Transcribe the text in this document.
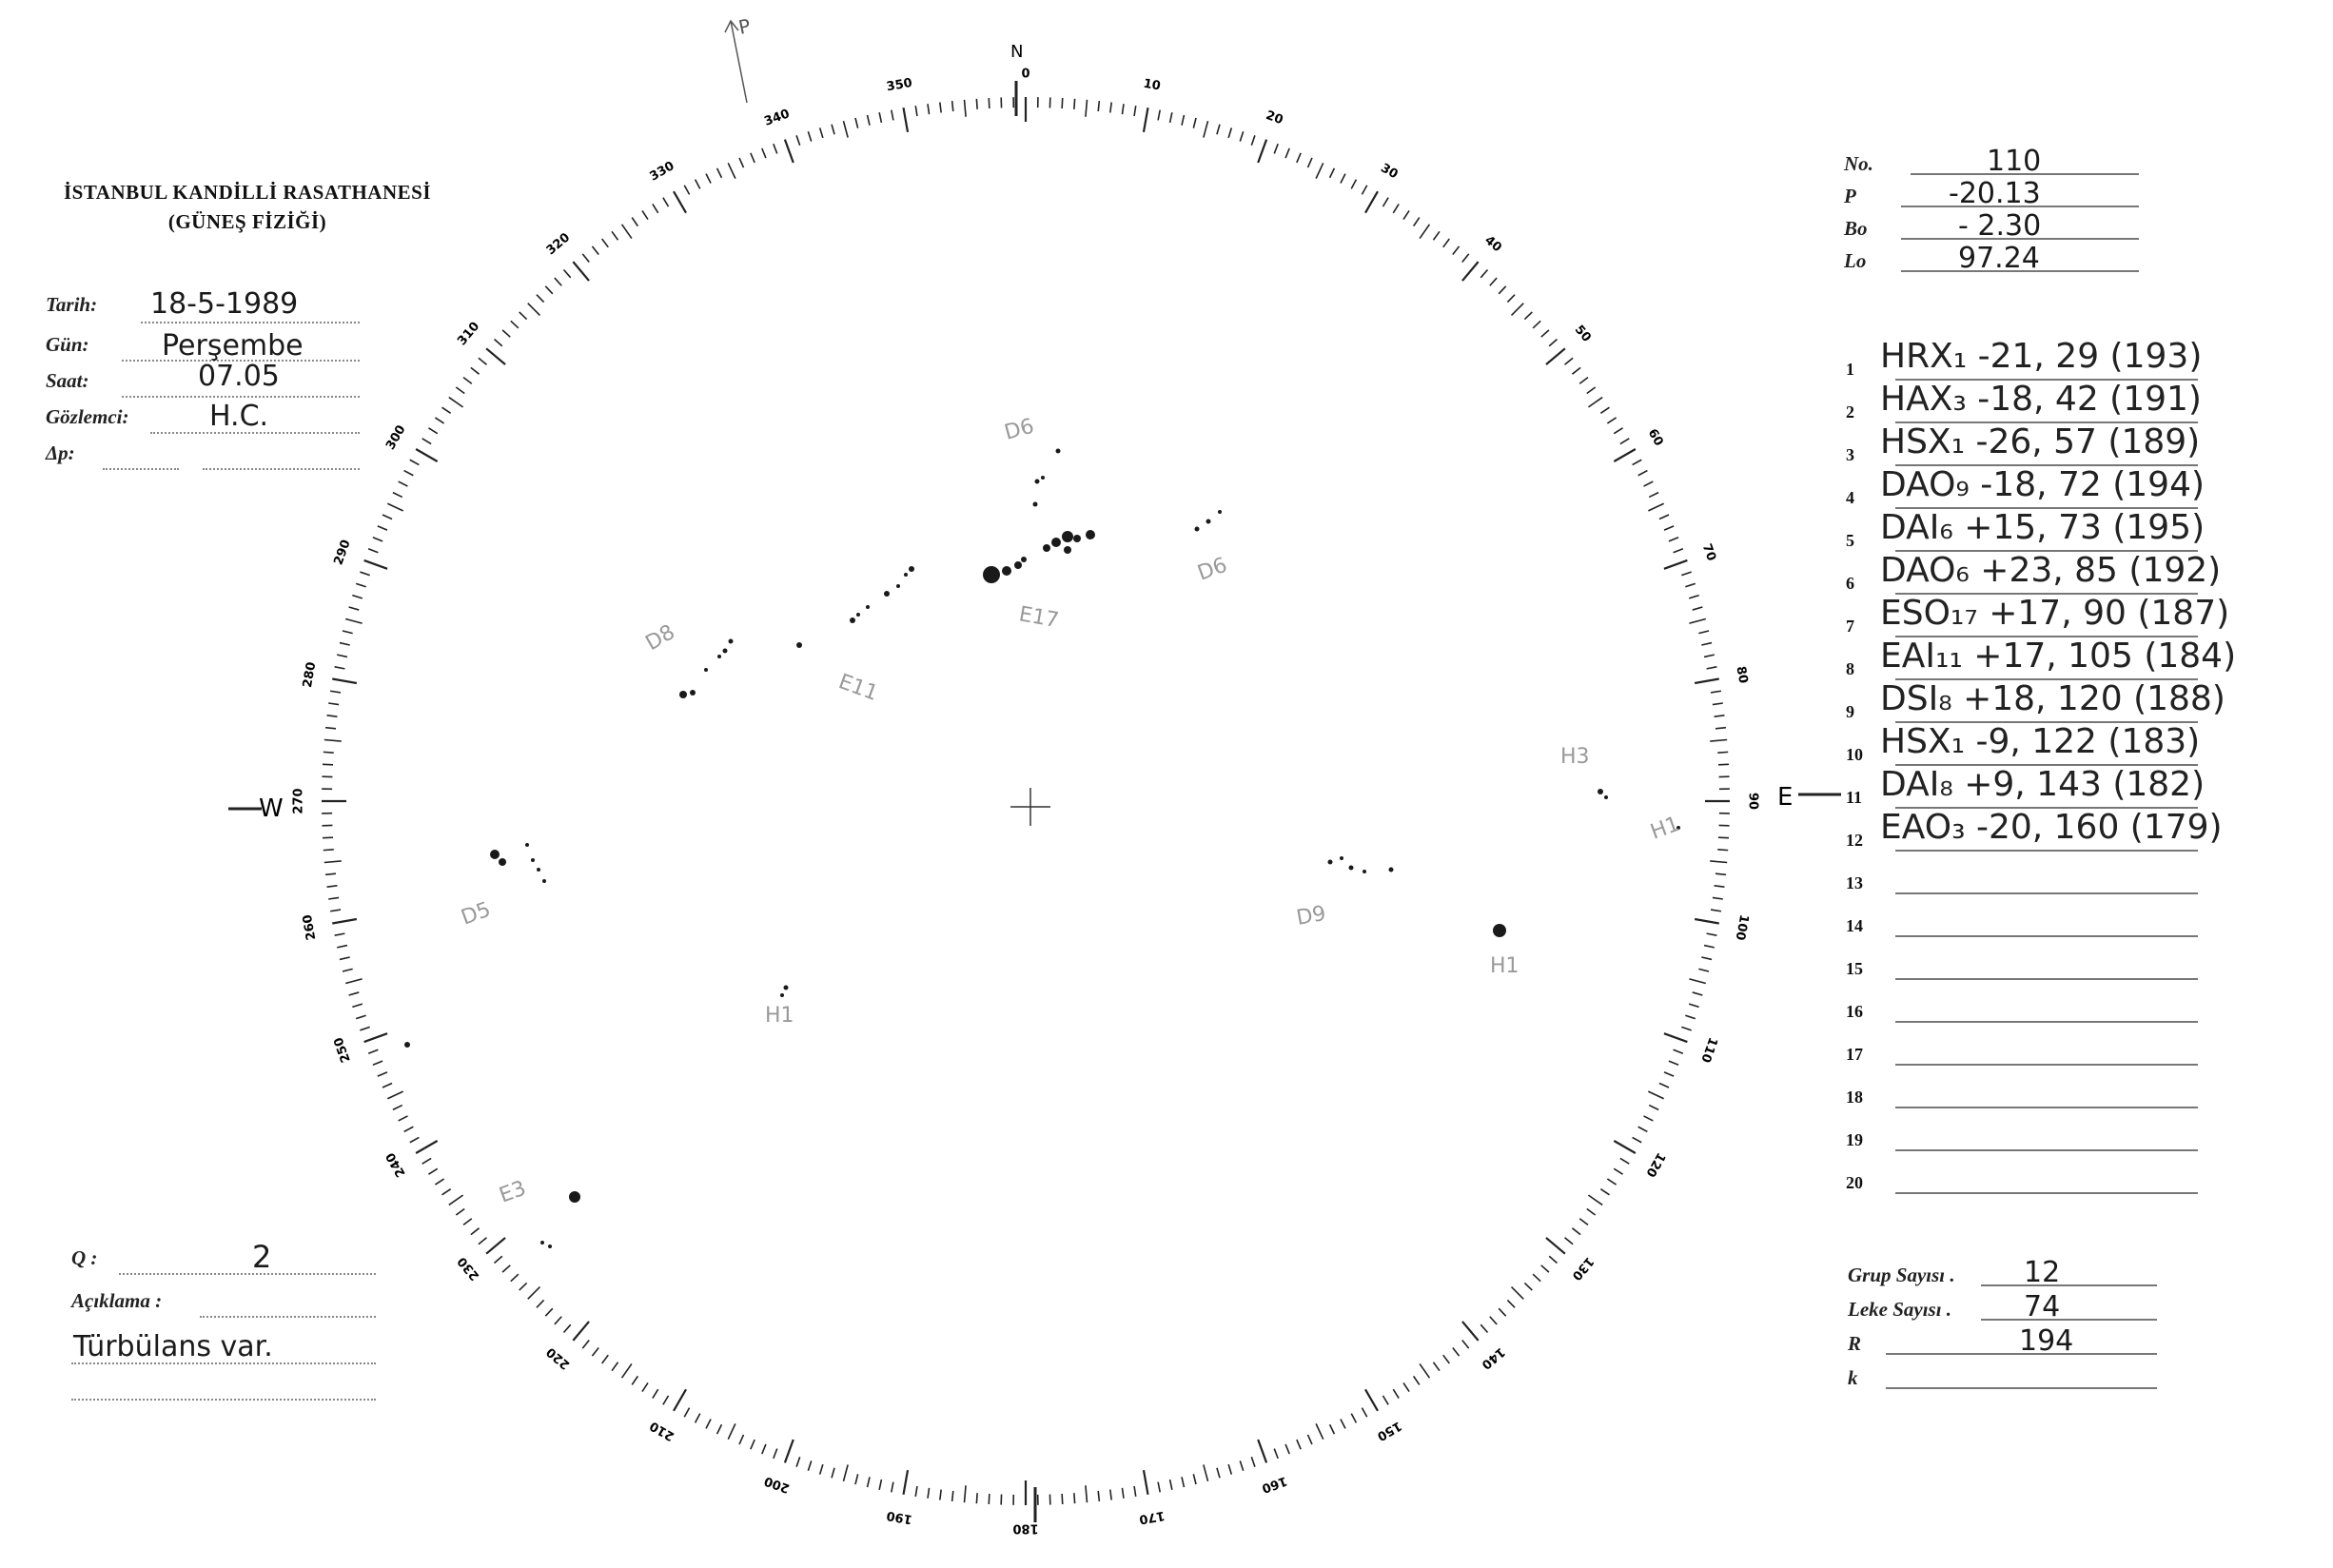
İSTANBUL KANDİLLİ RASATHANESİ
(GÜNEŞ FİZİĞİ)
Tarih: 18-5-1989
Gün:	Perşembe
Saat:	07.05
Gözlemci:	H.C.
Δp:
No.	110
P	-20.13
Bo	- 2.30
Lo	97.24
1 HRX₁ -21, 29 (193)
2 HAX₃ -18, 42 (191)
3 HSX₁ -26, 57 (189)
4 DAO₉ -18, 72 (194)
5 DAI₆ +15, 73 (195)
6 DAO₆ +23, 85 (192)
7 ESO₁₇ +17, 90 (187)
8 EAI₁₁ +17, 105 (184)
9 DSI₈ +18, 120 (188)
10 HSX₁ -9, 122 (183)
11 DAI₈ +9, 143 (182)
12 EAO₃ -20, 160 (179)
13
14
15
16
17
18
19
20
Q :	2
Açıklama :
Türbülans var.
Grup Sayısı . 12
Leke Sayısı .	74
R	194
k
0
10
20
30
40
50
60
70
80
90
100
110
120
130
140
150
160
170
180
190
200
210
220
230
240
250
260
270
280
290
300
310
320
330
340
350
W	E
N
P
D6
D6
E17
E11
D8
D5
H1
H3
H1
D9
H1
E3
